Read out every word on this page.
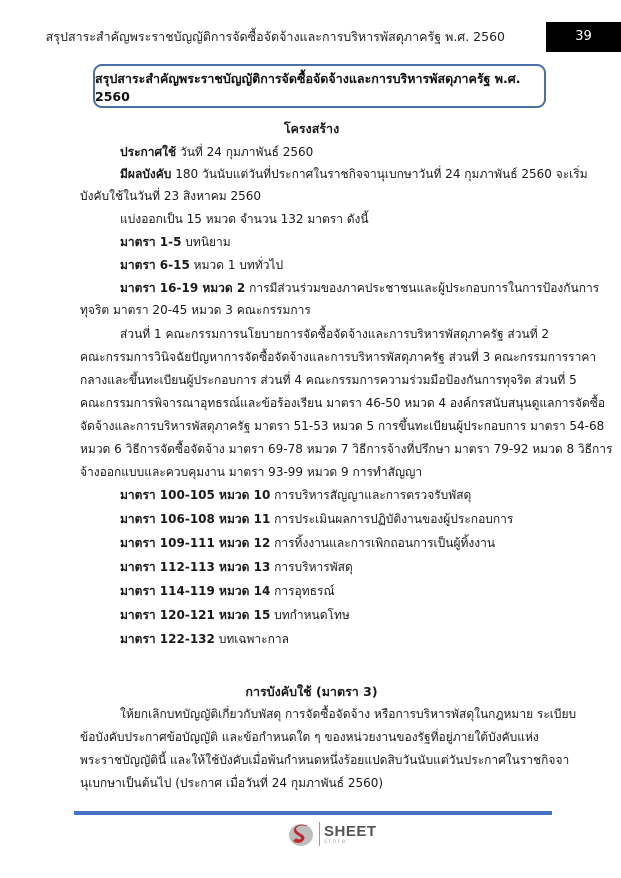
สรุปสาระสำคัญพระราชบัญญัติการจัดซื้อจัดจ้างและการบริหารพัสดุภาครัฐ พ.ศ. 2560	39
สรุปสาระสำคัญพระราชบัญญัติการจัดซื้อจัดจ้างและการบริหารพัสดุภาครัฐ พ.ศ. 2560
โครงสร้าง
ประกาศใช้ วันที่ 24 กุมภาพันธ์ 2560
มีผลบังคับ 180 วันนับแต่วันที่ประกาศในราชกิจจานุเบกษาวันที่ 24 กุมภาพันธ์ 2560 จะเริ่ม
บังคับใช้ในวันที่ 23 สิงหาคม 2560
แบ่งออกเป็น 15 หมวด จำนวน 132 มาตรา ดังนี้
มาตรา 1-5 บทนิยาม
มาตรา 6-15 หมวด 1 บททั่วไป
มาตรา 16-19 หมวด 2 การมีส่วนร่วมของภาคประชาชนและผู้ประกอบการในการป้องกันการ
ทุจริต มาตรา 20-45 หมวด 3 คณะกรรมการ
ส่วนที่ 1 คณะกรรมการนโยบายการจัดซื้อจัดจ้างและการบริหารพัสดุภาครัฐ ส่วนที่ 2
คณะกรรมการวินิจฉัยปัญหาการจัดซื้อจัดจ้างและการบริหารพัสดุภาครัฐ ส่วนที่ 3 คณะกรรมการราคา
กลางและขึ้นทะเบียนผู้ประกอบการ ส่วนที่ 4 คณะกรรมการความร่วมมือป้องกันการทุจริต ส่วนที่ 5
คณะกรรมการพิจารณาอุทธรณ์และข้อร้องเรียน มาตรา 46-50 หมวด 4 องค์กรสนับสนุนดูแลการจัดซื้อ
จัดจ้างและการบริหารพัสดุภาครัฐ มาตรา 51-53 หมวด 5 การขึ้นทะเบียนผู้ประกอบการ มาตรา 54-68
หมวด 6 วิธีการจัดซื้อจัดจ้าง มาตรา 69-78 หมวด 7 วิธีการจ้างที่ปรึกษา มาตรา 79-92 หมวด 8 วิธีการ
จ้างออกแบบและควบคุมงาน มาตรา 93-99 หมวด 9 การทำสัญญา
มาตรา 100-105 หมวด 10 การบริหารสัญญาและการตรวจรับพัสดุ
มาตรา 106-108 หมวด 11 การประเมินผลการปฏิบัติงานของผู้ประกอบการ
มาตรา 109-111 หมวด 12 การทิ้งงานและการเพิกถอนการเป็นผู้ทิ้งงาน
มาตรา 112-113 หมวด 13 การบริหารพัสดุ
มาตรา 114-119 หมวด 14 การอุทธรณ์
มาตรา 120-121 หมวด 15 บทกำหนดโทษ
มาตรา 122-132 บทเฉพาะกาล
การบังคับใช้ (มาตรา 3)
ให้ยกเลิกบทบัญญัติเกี่ยวกับพัสดุ การจัดซื้อจัดจ้าง หรือการบริหารพัสดุในกฎหมาย ระเบียบ
ข้อบังคับประกาศข้อบัญญัติ และข้อกำหนดใด ๆ ของหน่วยงานของรัฐที่อยู่ภายใต้บังคับแห่ง
พระราชบัญญัตินี้ และให้ใช้บังคับเมื่อพ้นกำหนดหนึ่งร้อยแปดสิบวันนับแต่วันประกาศในราชกิจจา
นุเบกษาเป็นต้นไป (ประกาศ เมื่อวันที่ 24 กุมภาพันธ์ 2560)
SHEET
store
